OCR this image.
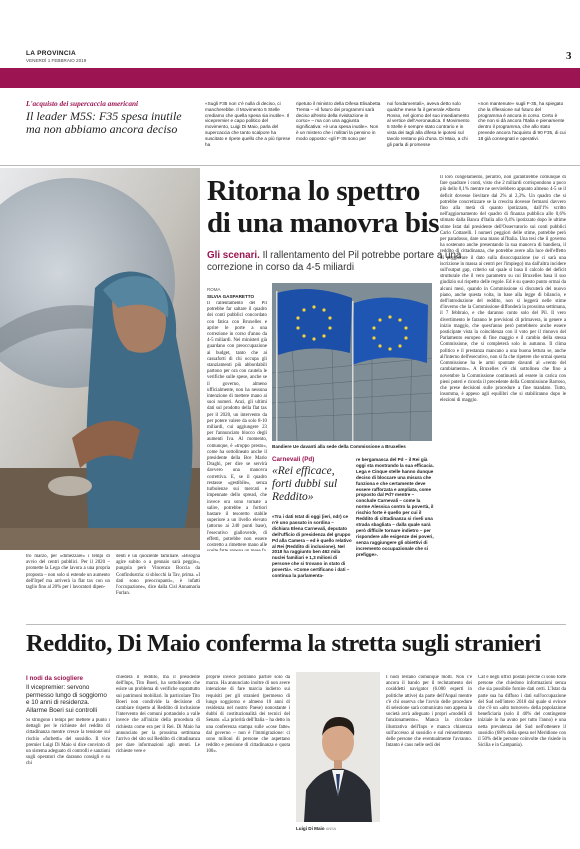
LA PROVINCIA
VENERDÌ 1 FEBBRAIO 2019	3
L'acquisto dei supercaccia americani
Il leader M5S: F35 spesa inutile ma non abbiamo ancora deciso
«Sugli F35 non c'è nulla di deciso, ci mancherebbe. Il Movimento 5 Stelle crediamo che quella spesa sia inutile». Il vicepremier e capo politico del movimento, Luigi Di Maio, parla del supercaccia che tanto scalpore ha suscitato e ripete quello che a più riprese ha
ripetuto il ministro della Difesa Elisabetta Trenta – «il futuro dei programmi sarà deciso all'esito della rivisitazione in corso» – ma con una aggiunta significativa: «è una spesa inutile». Non è un mistero che i militari la pensino in modo opposto: «gli F-35 sono per
noi fondamentali», aveva detto solo qualche mese fa il generale Alberto Rosso, nel giorno del suo insediamento al vertice dell'Aeronautica. Il Movimento 5 Stelle è sempre stato contrario e in vista dei tagli alla difesa le ipotesi sul tavolo restano più d'una. Di Maio, a chi gli parla di promesse
«non mantenute» sugli F-35, ha spiegato che la riflessione sul futuro del programma è ancora in corso. Certo è che non si dà ancora l'Italia e pienamente dentro il programma, che allo stato prevede ancora l'acquisto di 90 F35, di cui 18 già consegnati e operativi.
Ritorna lo spettro
di una manovra bis
Gli scenari. Il rallentamento del Pil potrebbe portare a una correzione in corso da 4-5 miliardi
ROMA
SILVIA GASPARETTO
Il rallentamento del Pil potrebbe far saltare il quadro dei conti pubblici concordato con fatica con Bruxelles e aprire le porte a una correzione in corso d'anno da 4-5 miliardi. Nei ministeri già guardano con preoccupazione ai budget, tanto che ai cassaforti di chi occupa gli stanziamenti più abbordabili partono per ora con cautela le verifiche sulle spese, anche se il governo, almeno ufficialmente, non ha nessuna intenzione di mettere mano ai suoi numeri. Anzi, gli ultimi dati sul prodotto della flat tax per il 2020, un intervento da per potere valere da solo 8-10 miliardi, cui aggiungere 23 per l'annunciato blocco degli aumenti Iva. Al momento, comunque, è «troppo presto», come ha sottolineato anche il presidente della Bce Mario Draghi, per dire se servirà davvero una manovra correttiva. E, se il quadro restasse «gestibile», senza turbolenze sui mercati e impennate dello spread, che invece ora sono tornate a salire, potrebbe a fortiori bastare il tesoretto stabile superiore a un livello elevato (attorno ai 240 punti base), l'esecutivo gialloverde, di effetti, potrebbe non essere costretto a rimettere mano alle
Bandiere Ue davanti alla sede della Commissione a Bruxelles
Carnevali (Pd)
«Rei efficace, forti dubbi sul Reddito»
«Tra i dati Istat di oggi (ieri, ndr) ce n'è uno passato in sordina – dichiara Elena Carnevali, deputato dell'ufficio di presidenza del gruppo Pd alla Camera – ed è quello relativo al Rei (Reddito di inclusione). Nel 2018 ha raggiunto ben 462 mila nuclei familiari e 1,3 milioni di persone che si trovano in stato di povertà». «Come certificano i dati – continua la parlamenta-
re bergamasca del Pd – il Rei già oggi sta mostrando la sua efficacia. Lega e Cinque stelle hanno dunque deciso di bloccare una misura che funziona e che certamente deve essere rafforzata e ampliata, come proposto dal Pd? mentre – conclude Carnevali – come la norme Alessica contro la povertà, il rischio forte è quello per cui il Reddito di cittadinanza si riveli una strada sbagliata – dalla quale sarà però difficile tornare indietro – per rispondere alle esigenze dei poveri, senza raggiungere gli obiettivi di incremento occupazionale che si prefigge».
Il loro congelamento, peraltro, non garantirebbe comunque di fare quadrare i conti, visto che 2 miliardi corrispondono a poco più dello 0,1% mentre ne servirebbero appunto almeno 4-5 se il deficit dovesse lievitare dal 2% al 2,3%. Un quadro che si potrebbe concretizzare se la crescita dovesse fermarsi davvero fino alla metà di quanto ipotizzato, dall'1% scritto nell'aggiornamento del quadro di finanza pubblica allo 0,6% stimato dalla Banca d'Italia allo 0,4% ipotizzato dopo le ultime stime Istat dal presidente dell'Osservatorio sui conti pubblici Carlo Cottarelli. I numeri peggiori delle stime, potrebbe però per paradosso, dare una mano all'Italia. Una tesi che il governo ha sostenuto anche presentando la sua manovra di bandiera, il reddito di cittadinanza, che potrebbe avere alla luce dell'effetto di peggiorare il dato sulla disoccupazione (se ci sarà una iscrizione in massa ai centri per l'impiego) ma dall'altra incidere sull'output gap, criterio sul quale si basa il calcolo del deficit strutturale che il vero parametro su cui Bruxelles basa il suo giudizio sul rispetto delle regole. Ed è su questo punto ormai da alcuni mesi, quando in Commissione si discuterà del nuovo piano, anche questa volta, in base alla legge di bilancio, e dell'introduzione del reddito, non si leggerà nelle stime d'inverno che la Commissione diffonderà la prossima settimana, il 7 febbraio, e che daranno conto solo del Pil. Il vero divertimento le faranno le previsioni di primavera, in genere a inizio maggio, che quest'anno però potrebbero anche essere posticipate vista la coincidenza con il voto per il rinnovo del Parlamento europeo di fine maggio e il cambio della stessa Commissione, che si completerà solo in autunno. Il clima politico e il prestanza mancano a una buona lettura se, anche all'interno dell'esecutivo, non si fa che ripetere che ormai questa Commissione ha le armi spuntate davanti al «vento del cambiamento». A Bruxelles c'è chi sottolinea che fino a novembre la Commissione continuerà ad essere in carica con pieni poteri e ricorda il precedente della Commissione Barroso, che prese decisioni sulle procedure a fine mandato. Tutto, insomma, è appeso agli equilibri che si stabiliranno dopo le elezioni di maggio.
tro marzo, per «dimezzare» i tempi di avvio del centri pubblici. Per il 2020 – promette la Lega che lavora a una propria proposta – non solo si estende un aumento dell'Irpef ma arriverà la flat tax con un taglio fino al 20% per i lavoratori dipen-
denti e un quoziente familiare. «Bisogna agire subito o a gennaio sarà peggio», pungola però Vincenzo Boccia da Confindustria: si sblocchi la Tav, prima. «I dati sono preoccupanti», è infatti l'occupazione», dice dalla Cisl Annamaria Furlan.
Reddito, Di Maio conferma la stretta sugli stranieri
I nodi da sciogliere
Il vicepremier: servono permesso lungo di soggiorno e 10 anni di residenza. Allarme Boeri sui controlli
Si stringono i tempi per mettere a punto i dettagli per le richieste del reddito di cittadinanza mentre cresce la tensione sui rischio «furbetti» del sussidio. Il vice premier Luigi Di Maio si dice convinto di un sistema adeguato di controlli e sanzioni sugli operatori che daranno consigli e su chi
chiederà il reddito, ma il presidente dell'Inps, Tito Boeri, ha sottolineato che esiste un problema di verifiche soprattutto sui patrimoni mobiliari. In particolare Tito Boeri non condivide la decisione di cambiare rispetto al Reddito di inclusione l'intervento dei comuni portandolo a valle invece che all'inizio della procedura di richiesta come era per il Rei. Di Maio ha annunciato per la prossima settimana l'arrivo del sito sul Reddito di cittadinanza per dare informazioni agli utenti. Le richieste vere e
proprie invece potranno partire solo da marzo. Ha annunciato inoltre di non avere intenzione di fare marcia indietro sui requisiti per gli stranieri (permesso di lungo soggiorno e almeno 10 anni di residenza nel nostro Paese) nonostante i dubbi di costituzionalità dei tecnici del Senato. «La priorità dell'Italia – ha detto in una conferenza stampa sulle «cose fatte» dal governo – non è l'immigrazione: ci sono milioni di persone che aspettano reddito e pensione di cittadinanza e quota 100».
Luigi Di Maio ANSA
I nodi restano comunque molti. Non c'è ancora il bando per il reclutamento dei cosiddetti navigator (6.000 esperti in politiche attive) da parte dell'Anpal mentre c'è chi osserva che l'avvio delle procedure di selezione sarà comunicato non appena la società avrà adeguato i propri «modelli di funzionamento». Manca la circolare illustrativa dell'Inps e manca chiarezza sull'accesso al sussidio e sul reinserimento delle persone che eventualmente l'avranno. Intanto è caos nelle sedi dei
Caf e negli uffici postali perché ci sono forte persone che chiedono informazioni senza che sia possibile fornire dati certi. L'Istat da parte sua ha diffuso i dati sull'occupazione del Sud nell'intero 2018 dal quale si evince che c'è un «alto turnover» della popolazione beneficiaria (solo il 40% del contingente iniziale lo ha avuto per tutto l'anno) e una netta prevalenza del Sud nell'ottenere il sussidio (68% della spesa nel Meridione con il 50% delle persone coinvolte che risiede in Sicilia e in Campania).
